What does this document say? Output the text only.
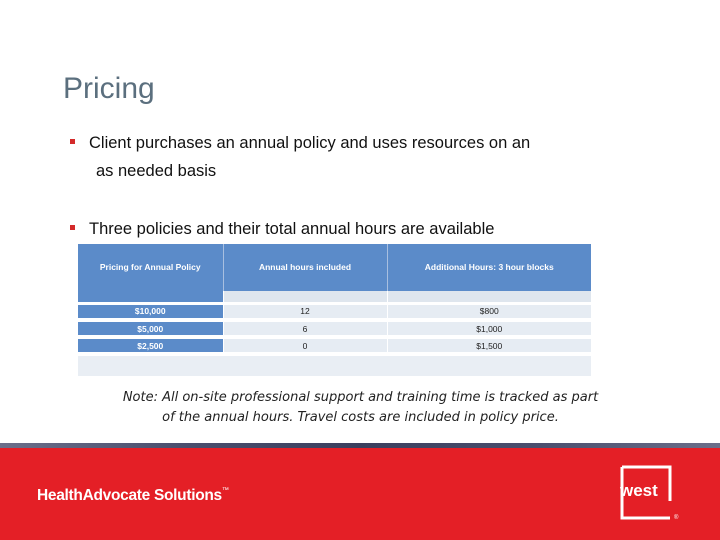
Pricing
Client purchases an annual policy and uses resources on an
as needed basis
Three policies and their total annual hours are available
Pricing for Annual Policy	Annual hours included	Additional Hours: 3 hour blocks

$10,000	12	$800
$5,000	6	$1,000
$2,500	0	$1,500
Note: All on-site professional support and training time is tracked as part
of the annual hours. Travel costs are included in policy price.
HealthAdvocate Solutions™
®
west
